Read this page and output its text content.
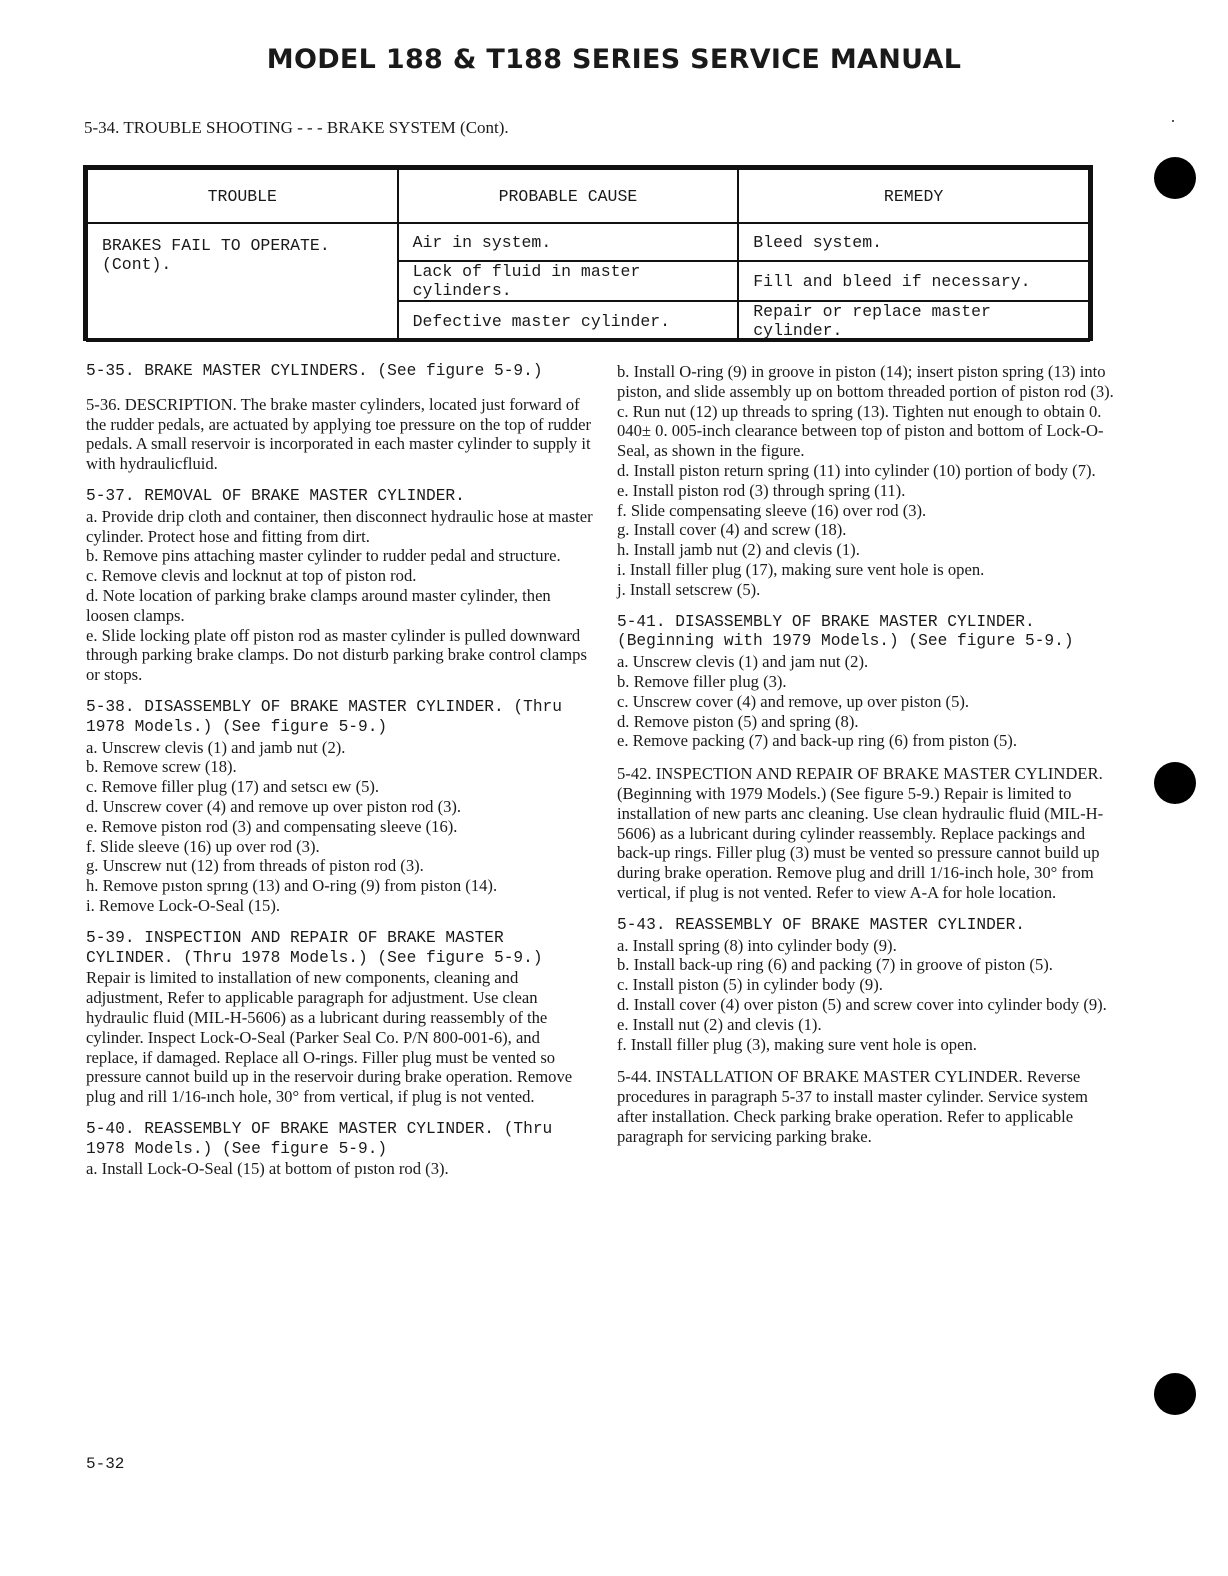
MODEL 188 & T188 SERIES SERVICE MANUAL
5-34. TROUBLE SHOOTING - - - BRAKE SYSTEM (Cont).
TROUBLE	PROBABLE CAUSE	REMEDY
BRAKES FAIL TO OPERATE. (Cont).	Air in system.	Bleed system.
	Lack of fluid in master cylinders.	Fill and bleed if necessary.
	Defective master cylinder.	Repair or replace master cylinder.

5-35. BRAKE MASTER CYLINDERS. (See figure 5-9.)

5-36. DESCRIPTION. The brake master cylinders, located just forward of the rudder pedals, are actuated by applying toe pressure on the top of rudder pedals. A small reservoir is incorporated in each master cylinder to supply it with hydraulicfluid.

5-37. REMOVAL OF BRAKE MASTER CYLINDER.
a. Provide drip cloth and container, then disconnect hydraulic hose at master cylinder. Protect hose and fitting from dirt.
b. Remove pins attaching master cylinder to rudder pedal and structure.
c. Remove clevis and locknut at top of piston rod.
d. Note location of parking brake clamps around master cylinder, then loosen clamps.
e. Slide locking plate off piston rod as master cylinder is pulled downward through parking brake clamps. Do not disturb parking brake control clamps or stops.
5-38. DISASSEMBLY OF BRAKE MASTER CYLINDER. (Thru 1978 Models.) (See figure 5-9.)
a. Unscrew clevis (1) and jamb nut (2).
b. Remove screw (18).
c. Remove filler plug (17) and setscı ew (5).
d. Unscrew cover (4) and remove up over piston rod (3).
e. Remove piston rod (3) and compensating sleeve (16).
f. Slide sleeve (16) up over rod (3).
g. Unscrew nut (12) from threads of piston rod (3).
h. Remove pıston sprıng (13) and O-ring (9) from piston (14).
i. Remove Lock-O-Seal (15).
5-39. INSPECTION AND REPAIR OF BRAKE MASTER CYLINDER. (Thru 1978 Models.) (See figure 5-9.)
Repair is limited to installation of new components, cleaning and adjustment, Refer to applicable paragraph for adjustment. Use clean hydraulic fluid (MIL-H-5606) as a lubricant during reassembly of the cylinder. Inspect Lock-O-Seal (Parker Seal Co. P/N 800-001-6), and replace, if damaged. Replace all O-rings. Filler plug must be vented so pressure cannot build up in the reservoir during brake operation. Remove plug and rill 1/16-ınch hole, 30° from vertical, if plug is not vented.
5-40. REASSEMBLY OF BRAKE MASTER CYLINDER. (Thru 1978 Models.) (See figure 5-9.)
a. Install Lock-O-Seal (15) at bottom of pıston rod (3).
b. Install O-ring (9) in groove in piston (14); insert piston spring (13) into piston, and slide assembly up on bottom threaded portion of piston rod (3).
c. Run nut (12) up threads to spring (13). Tighten nut enough to obtain 0. 040± 0. 005-inch clearance between top of piston and bottom of Lock-O-Seal, as shown in the figure.
d. Install piston return spring (11) into cylinder (10) portion of body (7).
e. Install piston rod (3) through spring (11).
f. Slide compensating sleeve (16) over rod (3).
g. Install cover (4) and screw (18).
h. Install jamb nut (2) and clevis (1).
i. Install filler plug (17), making sure vent hole is open.
j. Install setscrew (5).
5-41. DISASSEMBLY OF BRAKE MASTER CYLINDER. (Beginning with 1979 Models.) (See figure 5-9.)
a. Unscrew clevis (1) and jam nut (2).
b. Remove filler plug (3).
c. Unscrew cover (4) and remove, up over piston (5).
d. Remove piston (5) and spring (8).
e. Remove packing (7) and back-up ring (6) from piston (5).

5-42. INSPECTION AND REPAIR OF BRAKE MASTER CYLINDER. (Beginning with 1979 Models.) (See figure 5-9.) Repair is limited to installation of new parts anc cleaning. Use clean hydraulic fluid (MIL-H-5606) as a lubricant during cylinder reassembly. Replace packings and back-up rings. Filler plug (3) must be vented so pressure cannot build up during brake operation. Remove plug and drill 1/16-inch hole, 30° from vertical, if plug is not vented. Refer to view A-A for hole location.

5-43. REASSEMBLY OF BRAKE MASTER CYLINDER.
a. Install spring (8) into cylinder body (9).
b. Install back-up ring (6) and packing (7) in groove of piston (5).
c. Install piston (5) in cylinder body (9).
d. Install cover (4) over piston (5) and screw cover into cylinder body (9).
e. Install nut (2) and clevis (1).
f. Install filler plug (3), making sure vent hole is open.

5-44. INSTALLATION OF BRAKE MASTER CYLINDER. Reverse procedures in paragraph 5-37 to install master cylinder. Service system after installation. Check parking brake operation. Refer to applicable paragraph for servicing parking brake.

5-32
